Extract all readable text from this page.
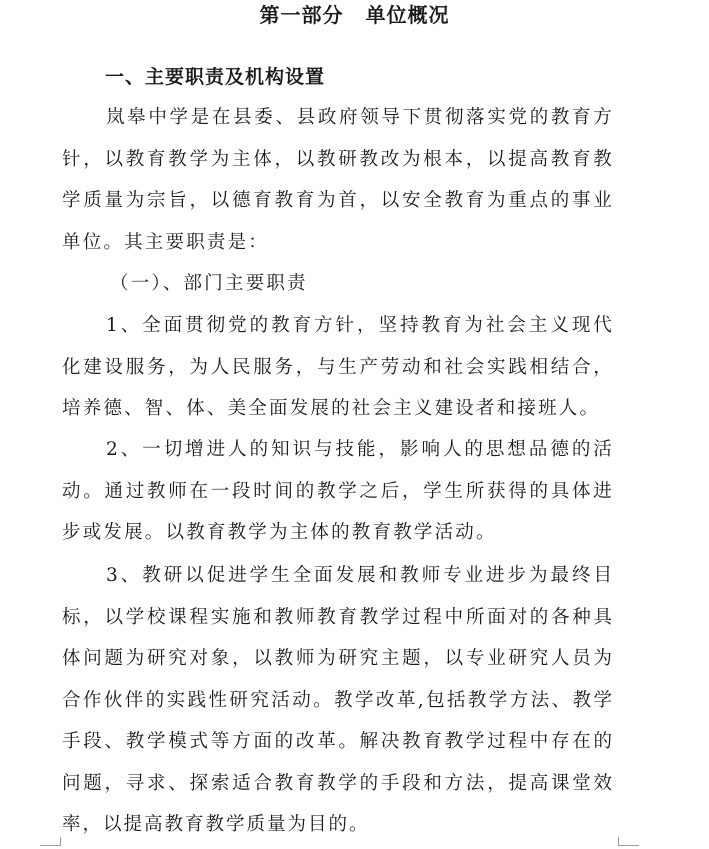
第一部分 单位概况
一、主要职责及机构设置

岚皋中学是在县委、县政府领导下贯彻落实党的教育方针，以教育教学为主体，以教研教改为根本，以提高教育教学质量为宗旨，以德育教育为首，以安全教育为重点的事业单位。其主要职责是：

（一）、部门主要职责

1、全面贯彻党的教育方针，坚持教育为社会主义现代化建设服务，为人民服务，与生产劳动和社会实践相结合，培养德、智、体、美全面发展的社会主义建设者和接班人。

2、一切增进人的知识与技能，影响人的思想品德的活动。通过教师在一段时间的教学之后，学生所获得的具体进步或发展。以教育教学为主体的教育教学活动。

3、教研以促进学生全面发展和教师专业进步为最终目标，以学校课程实施和教师教育教学过程中所面对的各种具体问题为研究对象，以教师为研究主题，以专业研究人员为合作伙伴的实践性研究活动。教学改革,包括教学方法、教学手段、教学模式等方面的改革。解决教育教学过程中存在的问题，寻求、探索适合教育教学的手段和方法，提高课堂效率，以提高教育教学质量为目的。
